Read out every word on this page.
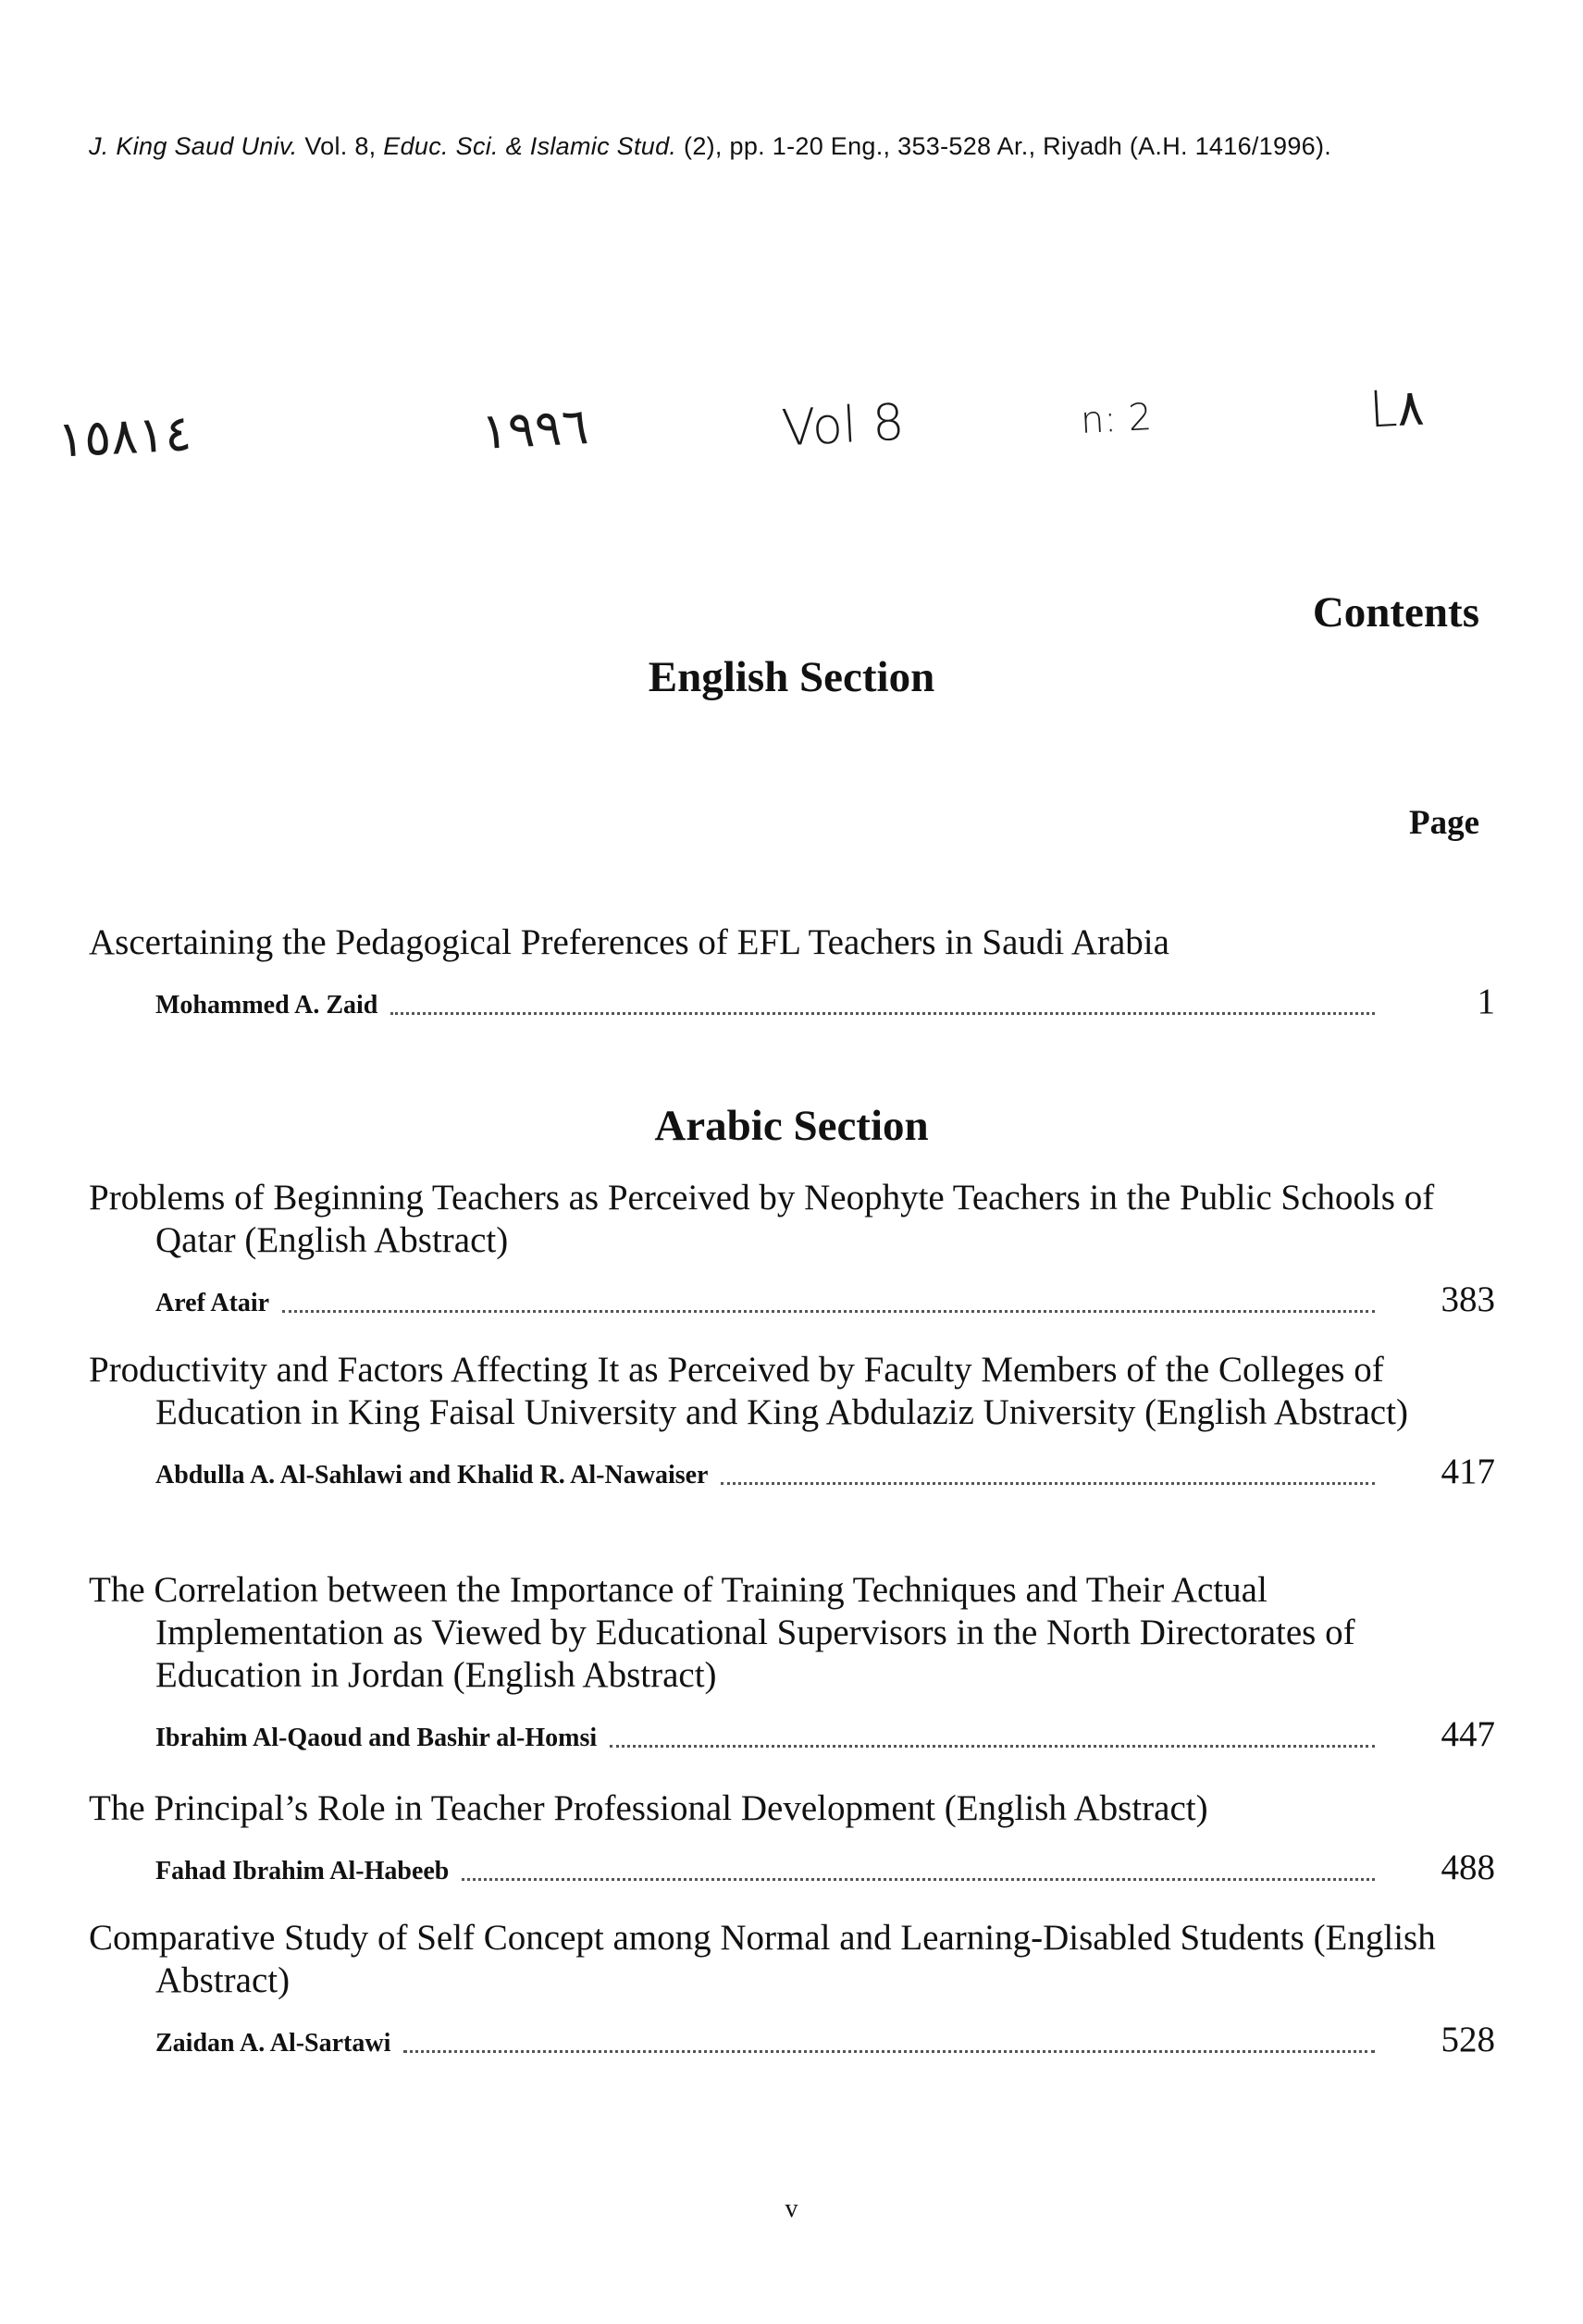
J. King Saud Univ. Vol. 8, Educ. Sci. & Islamic Stud. (2), pp. 1-20 Eng., 353-528 Ar., Riyadh (A.H. 1416/1996).
١٥٨١٤	١٩٩٦	Vol 8	n: 2	L٨
Contents
English Section
Page
Ascertaining the Pedagogical Preferences of EFL Teachers in Saudi Arabia
Mohammed A. Zaid	1
Arabic Section
Problems of Beginning Teachers as Perceived by Neophyte Teachers in the Public Schools of Qatar (English Abstract)
Aref Atair	383
Productivity and Factors Affecting It as Perceived by Faculty Members of the Colleges of Education in King Faisal University and King Abdulaziz University (English Abstract)
Abdulla A. Al-Sahlawi and Khalid R. Al-Nawaiser	417
The Correlation between the Importance of Training Techniques and Their Actual Implementation as Viewed by Educational Supervisors in the North Directorates of Education in Jordan (English Abstract)
Ibrahim Al-Qaoud and Bashir al-Homsi	447
The Principal’s Role in Teacher Professional Development (English Abstract)
Fahad Ibrahim Al-Habeeb	488
Comparative Study of Self Concept among Normal and Learning-Disabled Students (English Abstract)
Zaidan A. Al-Sartawi	528
v
